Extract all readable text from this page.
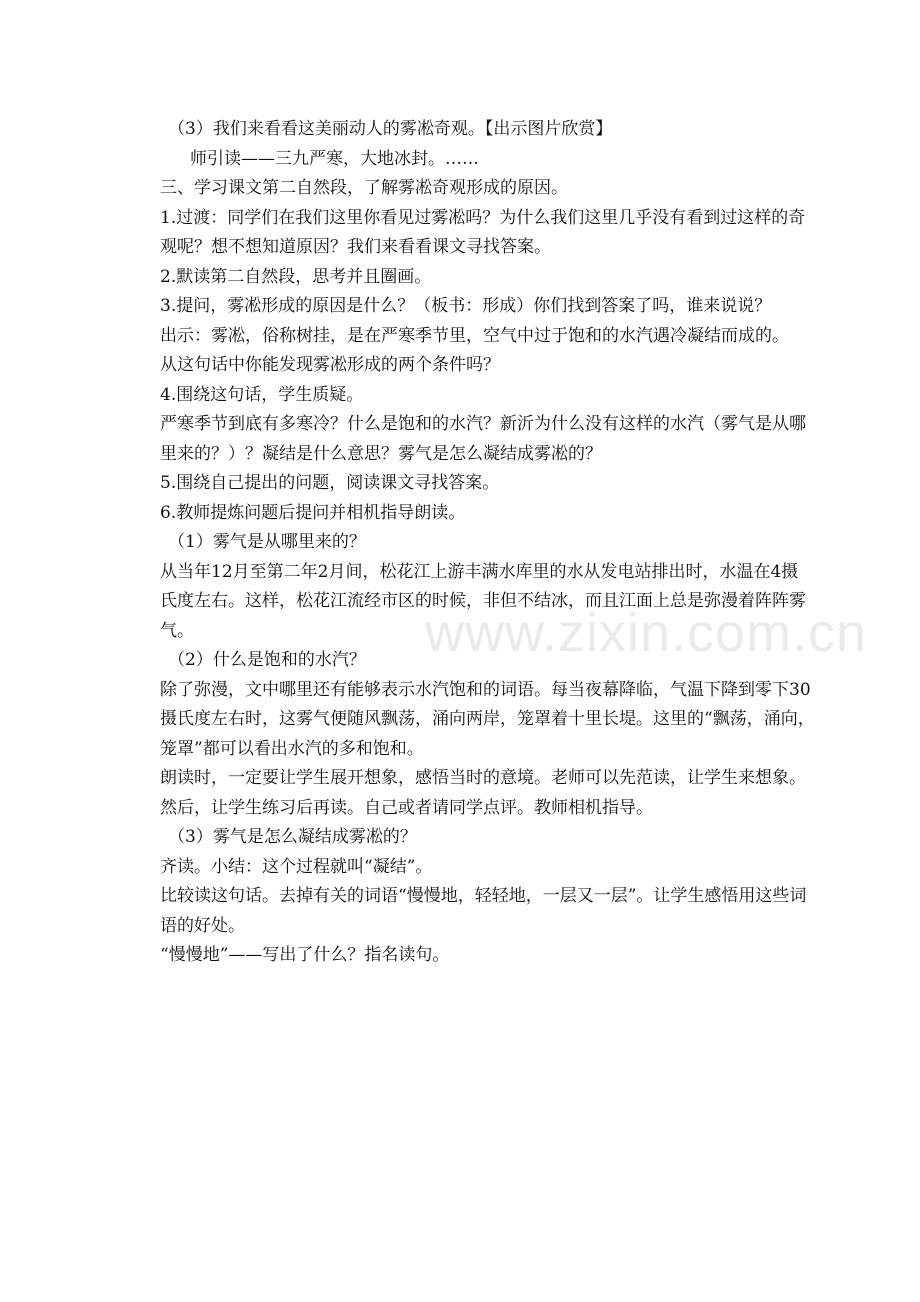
www.zixin.com.cn

（3）我们来看看这美丽动人的雾凇奇观。【出示图片欣赏】

师引读——三九严寒，大地冰封。……

三、学习课文第二自然段，了解雾凇奇观形成的原因。

1.过渡：同学们在我们这里你看见过雾凇吗？为什么我们这里几乎没有看到过这样的奇观呢？想不想知道原因？我们来看看课文寻找答案。

2.默读第二自然段，思考并且圈画。

3.提问，雾凇形成的原因是什么？（板书：形成）你们找到答案了吗，谁来说说？

出示：雾凇，俗称树挂，是在严寒季节里，空气中过于饱和的水汽遇冷凝结而成的。

从这句话中你能发现雾凇形成的两个条件吗？

4.围绕这句话，学生质疑。

严寒季节到底有多寒冷？什么是饱和的水汽？新沂为什么没有这样的水汽（雾气是从哪里来的？）？凝结是什么意思？雾气是怎么凝结成雾凇的？

5.围绕自己提出的问题，阅读课文寻找答案。

6.教师提炼问题后提问并相机指导朗读。

（1）雾气是从哪里来的？

从当年12月至第二年2月间，松花江上游丰满水库里的水从发电站排出时，水温在4摄氏度左右。这样，松花江流经市区的时候，非但不结冰，而且江面上总是弥漫着阵阵雾气。

（2）什么是饱和的水汽？

除了弥漫，文中哪里还有能够表示水汽饱和的词语。每当夜幕降临，气温下降到零下30摄氏度左右时，这雾气便随风飘荡，涌向两岸，笼罩着十里长堤。这里的“飘荡，涌向，笼罩”都可以看出水汽的多和饱和。

朗读时，一定要让学生展开想象，感悟当时的意境。老师可以先范读，让学生来想象。然后，让学生练习后再读。自己或者请同学点评。教师相机指导。

（3）雾气是怎么凝结成雾凇的？

齐读。小结：这个过程就叫“凝结”。

比较读这句话。去掉有关的词语“慢慢地，轻轻地，一层又一层”。让学生感悟用这些词语的好处。

“慢慢地”——写出了什么？指名读句。
